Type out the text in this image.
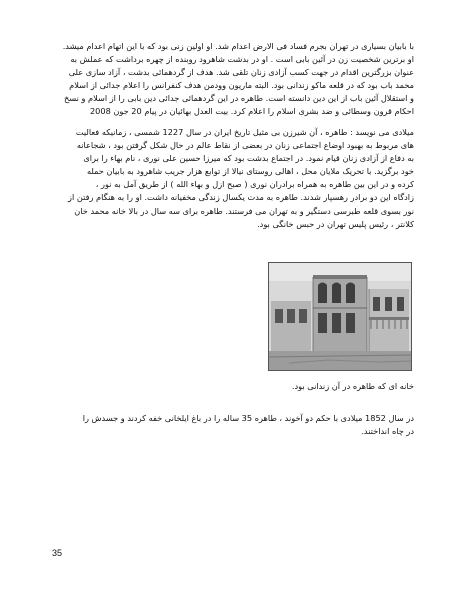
با بابیان بسیاری در تهران بجرم فساد فی الارض اعدام شد. او اولین زنی بود که با این اتهام اعدام میشد.
او برترین شخصیت زن در آئین بابی است . او در بدشت شاهرود روبنده از چهره برداشت که عملش به
عنوان بزرگترین اقدام در جهت کسب آزادی زنان تلقی شد. هدف از گردهمائی بدشت ، آزاد سازی علی
محمد باب بود که در قلعه ماکو زندانی بود. البته ماریون وودمن هدف کنفرانس را اعلام جدائی از اسلام
و استقلال آئین باب از این دین دانسته است. طاهره در این گردهمائی جدائی دین بابی را از اسلام و نسخ
احکام قرون وسطائی و ضد بشری اسلام را اعلام کرد. بیت العدل بهائیان در پیام 20 جون 2008
میلادی می نویسد : طاهره ، آن شیرزن بی مثیل تاریخ ایران در سال 1227 شمسی ، زمانیکه فعالیت
های مربوط به بهبود اوضاع اجتماعی زنان در بعضی از نقاط عالم در حال شکل گرفتن بود ، شجاعانه
به دفاع از آزادی زنان قیام نمود. در اجتماع بدشت بود که میرزا حسین علی نوری ، نام بهاء را برای
خود برگزید. با تحریک ملایان محل ، اهالی روستای نیالا از توابع هزار جریب شاهرود به بابیان حمله
کرده و در این بین طاهره به همراه برادران نوری ( صبح ازل و بهاء الله ) از طریق آمل به نور ،
زادگاه این دو برادر رهسپار شدند. طاهره به مدت یکسال زندگی مخفیانه داشت. او را به هنگام رفتن از
نور بسوی قلعه طبرسی دستگیر و به تهران می فرستند. طاهره برای سه سال در بالا خانه محمد خان
کلانتر ، رئیس پلیس تهران در حبس خانگی بود.

خانه ای که طاهره در آن زندانی بود.

در سال 1852 میلادی با حکم دو آخوند ، طاهره 35 ساله را در باغ ایلخانی خفه کردند و جسدش را
در چاه انداختند.

35
